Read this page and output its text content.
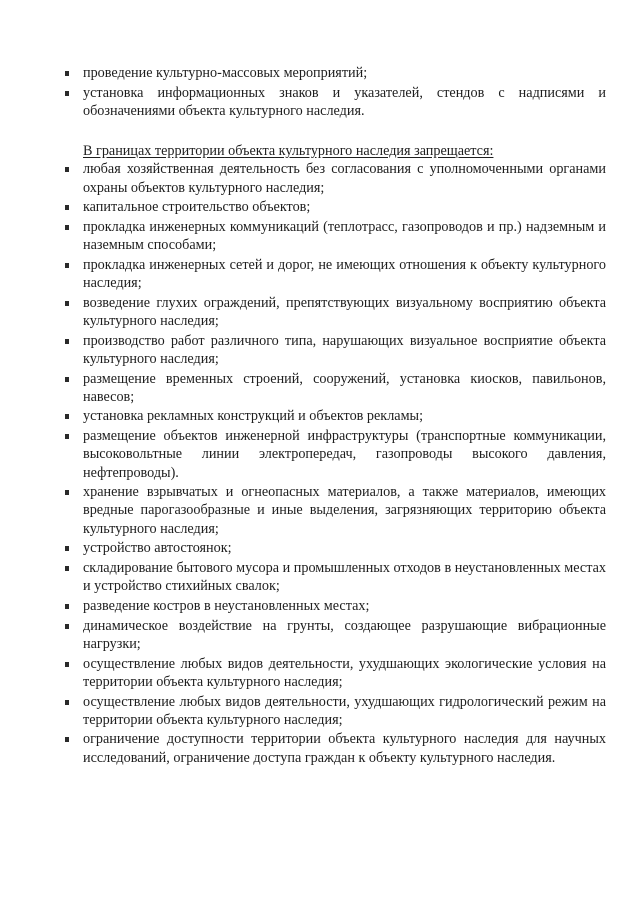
проведение культурно-массовых мероприятий;
установка информационных знаков и указателей, стендов с надписями и обозначениями объекта культурного наследия.
В границах территории объекта культурного наследия запрещается:
любая хозяйственная деятельность без согласования с уполномоченными органами охраны объектов культурного наследия;
капитальное строительство объектов;
прокладка инженерных коммуникаций (теплотрасс, газопроводов и пр.) надземным и наземным способами;
прокладка инженерных сетей и дорог, не имеющих отношения к объекту культурного наследия;
возведение глухих ограждений, препятствующих визуальному восприятию объекта культурного наследия;
производство работ различного типа, нарушающих визуальное восприятие объекта культурного наследия;
размещение временных строений, сооружений, установка киосков, павильонов, навесов;
установка рекламных конструкций и объектов рекламы;
размещение объектов инженерной инфраструктуры (транспортные коммуникации, высоковольтные линии электропередач, газопроводы высокого давления, нефтепроводы).
хранение взрывчатых и огнеопасных материалов, а также материалов, имеющих вредные парогазообразные и иные выделения, загрязняющих территорию объекта культурного наследия;
устройство автостоянок;
складирование бытового мусора и промышленных отходов в неустановленных местах и устройство стихийных свалок;
разведение костров в неустановленных местах;
динамическое воздействие на грунты, создающее разрушающие вибрационные нагрузки;
осуществление любых видов деятельности, ухудшающих экологические условия на территории объекта культурного наследия;
осуществление любых видов деятельности, ухудшающих гидрологический режим на территории объекта культурного наследия;
ограничение доступности территории объекта культурного наследия для научных исследований, ограничение доступа граждан к объекту культурного наследия.
